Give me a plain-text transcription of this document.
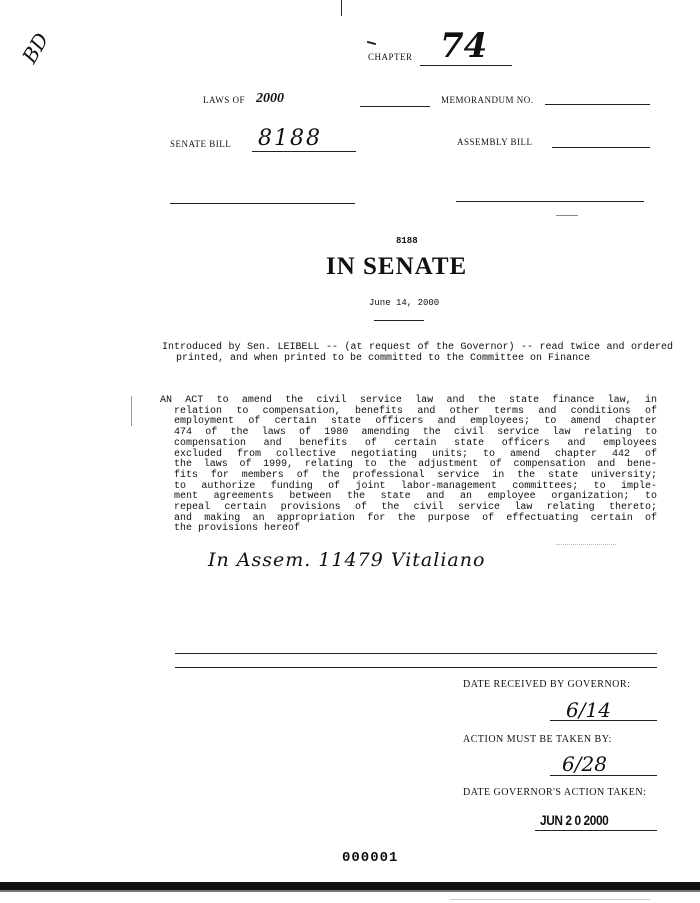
BD	CHAPTER 74
LAWS OF 2000	MEMORANDUM NO.
SENATE BILL 8188	ASSEMBLY BILL
8188
IN SENATE
June 14, 2000
Introduced by Sen. LEIBELL -- (at request of the Governor) -- read twice and ordered printed, and when printed to be committed to the Committee on Finance
AN ACT to amend the civil service law and the state finance law, in
relation to compensation, benefits and other terms and conditions of
employment of certain state officers and employees; to amend chapter
474 of the laws of 1980 amending the civil service law relating to
compensation and benefits of certain state officers and employees
excluded from collective negotiating units; to amend chapter 442 of
the laws of 1999, relating to the adjustment of compensation and bene-
fits for members of the professional service in the state university;
to authorize funding of joint labor-management committees; to imple-
ment agreements between the state and an employee organization; to
repeal certain provisions of the civil service law relating thereto;
and making an appropriation for the purpose of effectuating certain of
the provisions hereof
In Assem. 11479 Vitaliano
DATE RECEIVED BY GOVERNOR:
6/14
ACTION MUST BE TAKEN BY:
6/28
DATE GOVERNOR'S ACTION TAKEN:
JUN 2 0 2000
000001
